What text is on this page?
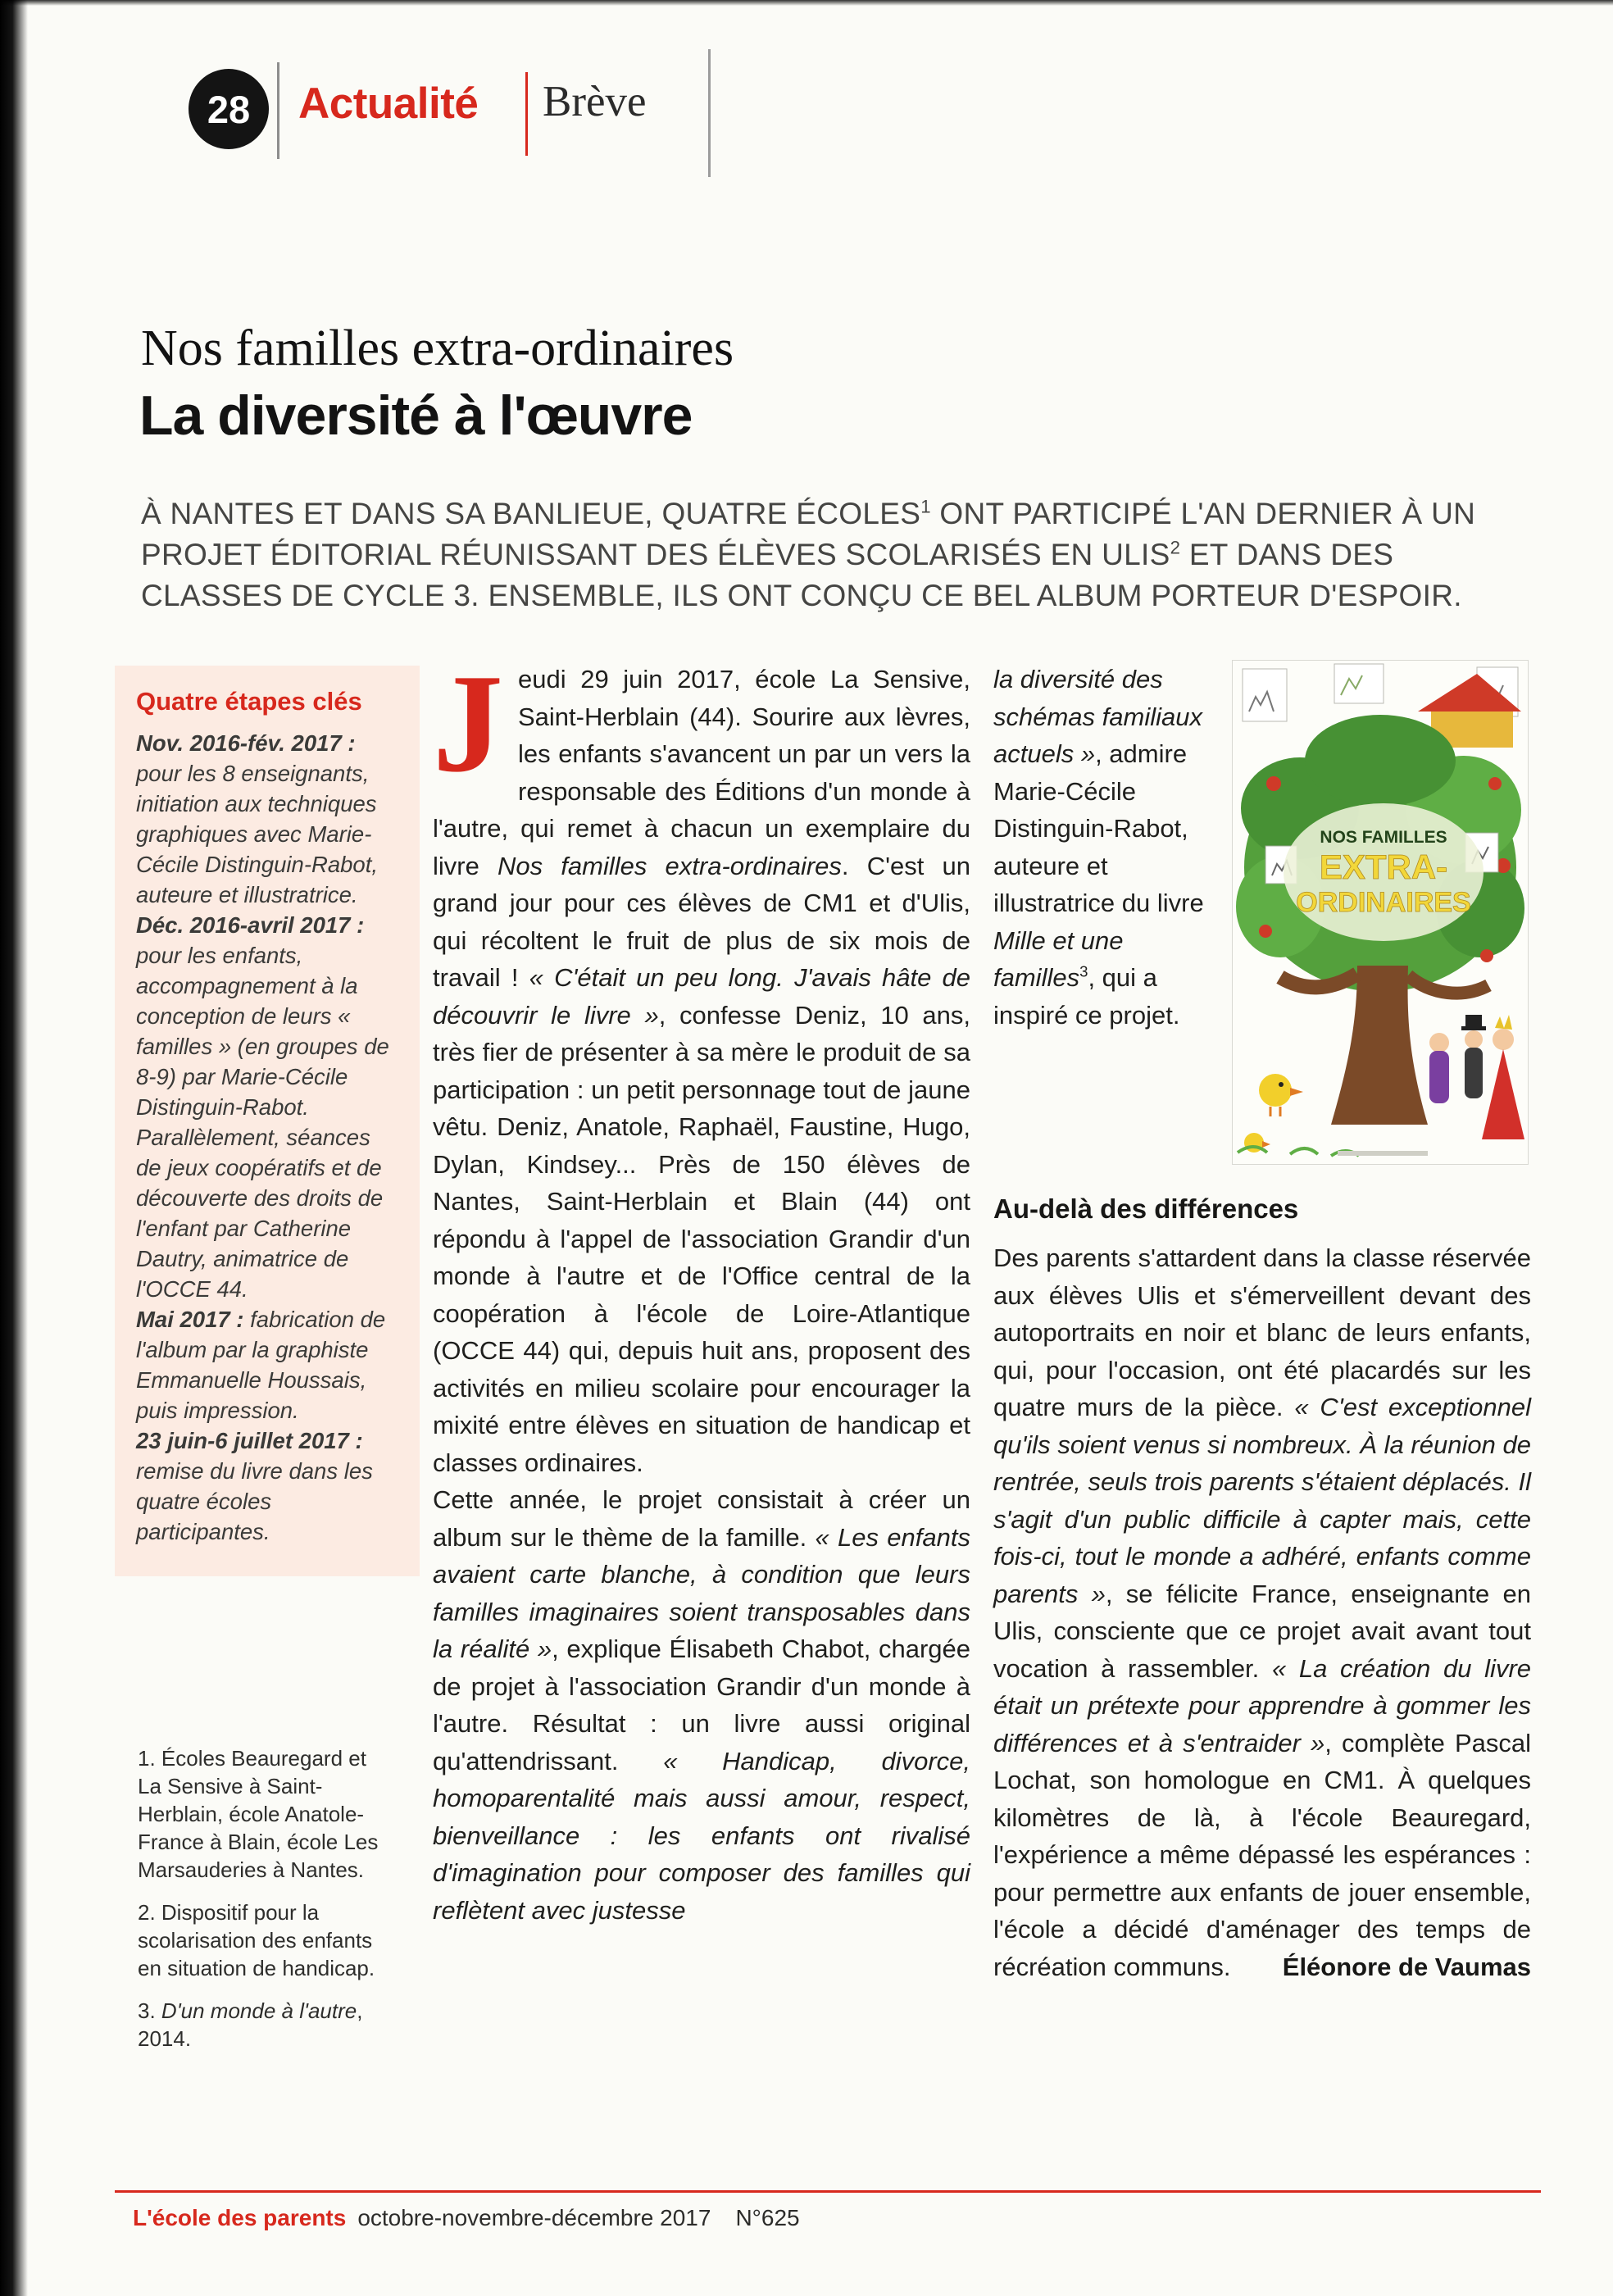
28	Actualité Brève
Nos familles extra-ordinaires
La diversité à l'œuvre

À NANTES ET DANS SA BANLIEUE, QUATRE ÉCOLES$^1$ ONT PARTICIPÉ L'AN DERNIER À UN PROJET ÉDITORIAL RÉUNISSANT DES ÉLÈVES SCOLARISÉS EN ULIS$^2$ ET DANS DES CLASSES DE CYCLE 3. ENSEMBLE, ILS ONT CONÇU CE BEL ALBUM PORTEUR D'ESPOIR.

Quatre étapes clés

Nov. 2016-fév. 2017 : pour les 8 enseignants, initiation aux techniques graphiques avec Marie-Cécile Distinguin-Rabot, auteure et illustratrice.

Déc. 2016-avril 2017 : pour les enfants, accompagnement à la conception de leurs « familles » (en groupes de 8-9) par Marie-Cécile Distinguin-Rabot. Parallèlement, séances de jeux coopératifs et de découverte des droits de l'enfant par Catherine Dautry, animatrice de l'OCCE 44.

Mai 2017 : fabrication de l'album par la graphiste Emmanuelle Houssais, puis impression.

23 juin-6 juillet 2017 : remise du livre dans les quatre écoles participantes.

1. Écoles Beauregard et La Sensive à Saint-Herblain, école Anatole-France à Blain, école Les Marsauderies à Nantes.

2. Dispositif pour la scolarisation des enfants en situation de handicap.

3. D'un monde à l'autre, 2014.

Jeudi 29 juin 2017, école La Sensive, Saint-Herblain (44). Sourire aux lèvres, les enfants s'avancent un par un vers la responsable des Éditions d'un monde à l'autre, qui remet à chacun un exemplaire du livre Nos familles extra-ordinaires. C'est un grand jour pour ces élèves de CM1 et d'Ulis, qui récoltent le fruit de plus de six mois de travail ! « C'était un peu long. J'avais hâte de découvrir le livre », confesse Deniz, 10 ans, très fier de présenter à sa mère le produit de sa participation : un petit personnage tout de jaune vêtu. Deniz, Anatole, Raphaël, Faustine, Hugo, Dylan, Kindsey... Près de 150 élèves de Nantes, Saint-Herblain et Blain (44) ont répondu à l'appel de l'association Grandir d'un monde à l'autre et de l'Office central de la coopération à l'école de Loire-Atlantique (OCCE 44) qui, depuis huit ans, proposent des activités en milieu scolaire pour encourager la mixité entre élèves en situation de handicap et classes ordinaires.

Cette année, le projet consistait à créer un album sur le thème de la famille. « Les enfants avaient carte blanche, à condition que leurs familles imaginaires soient transposables dans la réalité », explique Élisabeth Chabot, chargée de projet à l'association Grandir d'un monde à l'autre. Résultat : un livre aussi original qu'attendrissant. « Handicap, divorce, homoparentalité mais aussi amour, respect, bienveillance : les enfants ont rivalisé d'imagination pour composer des familles qui reflètent avec justesse

la diversité des schémas familiaux actuels », admire Marie-Cécile Distinguin-Rabot, auteure et illustratrice du livre Mille et une familles$^3$, qui a inspiré ce projet.

NOS FAMILLES
EXTRA-
ORDINAIRES
Au-delà des différences

Des parents s'attardent dans la classe réservée aux élèves Ulis et s'émerveillent devant des autoportraits en noir et blanc de leurs enfants, qui, pour l'occasion, ont été placardés sur les quatre murs de la pièce. « C'est exceptionnel qu'ils soient venus si nombreux. À la réunion de rentrée, seuls trois parents s'étaient déplacés. Il s'agit d'un public difficile à capter mais, cette fois-ci, tout le monde a adhéré, enfants comme parents », se félicite France, enseignante en Ulis, consciente que ce projet avait avant tout vocation à rassembler. « La création du livre était un prétexte pour apprendre à gommer les différences et à s'entraider », complète Pascal Lochat, son homologue en CM1. À quelques kilomètres de là, à l'école Beauregard, l'expérience a même dépassé les espérances : pour permettre aux enfants de jouer ensemble, l'école a décidé d'aménager des temps de récréation communs. Éléonore de Vaumas

L'école des parents octobre-novembre-décembre 2017 N°625
